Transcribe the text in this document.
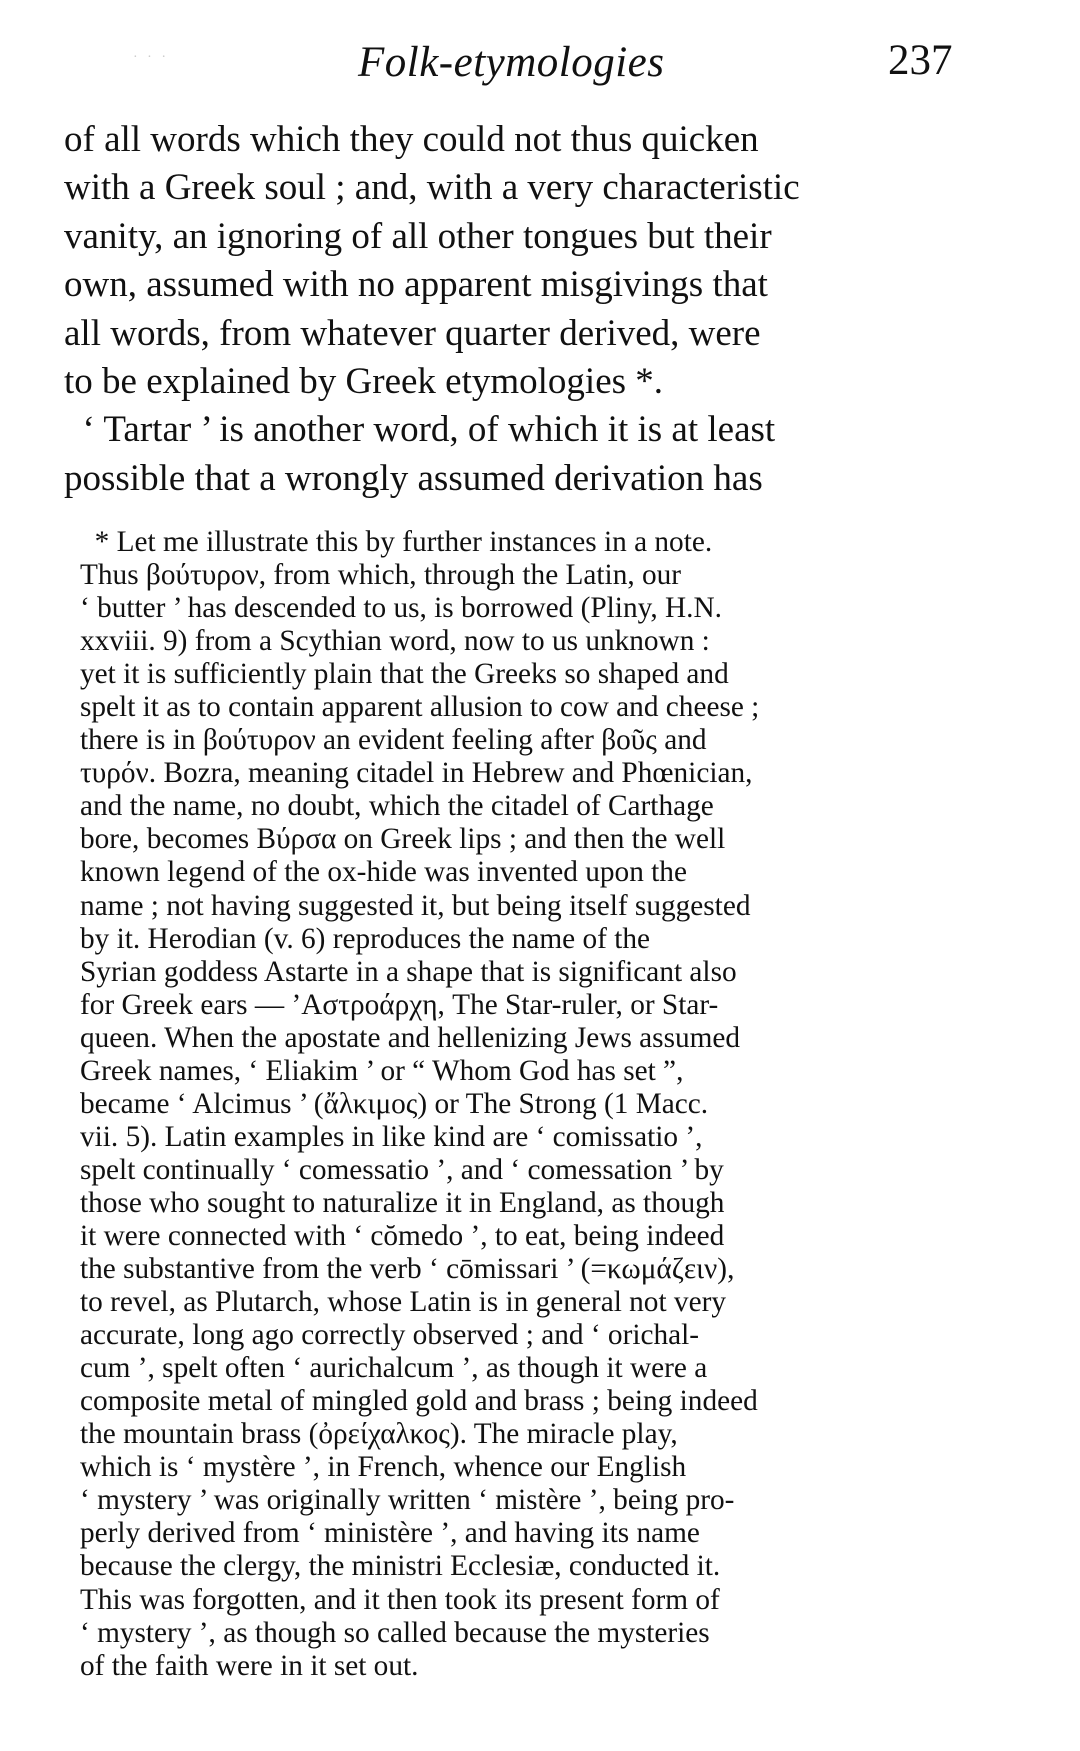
· · ·	Folk-etymologies	237
of all words which they could not thus quicken
with a Greek soul ; and, with a very characteristic
vanity, an ignoring of all other tongues but their
own, assumed with no apparent misgivings that
all words, from whatever quarter derived, were
to be explained by Greek etymologies *.
‘ Tartar ’ is another word, of which it is at least
possible that a wrongly assumed derivation has
* Let me illustrate this by further instances in a note.
Thus βούτυρον, from which, through the Latin, our
‘ butter ’ has descended to us, is borrowed (Pliny, H.N.
xxviii. 9) from a Scythian word, now to us unknown :
yet it is sufficiently plain that the Greeks so shaped and
spelt it as to contain apparent allusion to cow and cheese ;
there is in βούτυρον an evident feeling after βοῦς and
τυρόν. Bozra, meaning citadel in Hebrew and Phœnician,
and the name, no doubt, which the citadel of Carthage
bore, becomes Βύρσα on Greek lips ; and then the well
known legend of the ox-hide was invented upon the
name ; not having suggested it, but being itself suggested
by it. Herodian (v. 6) reproduces the name of the
Syrian goddess Astarte in a shape that is significant also
for Greek ears — ’Αστροάρχη, The Star-ruler, or Star-
queen. When the apostate and hellenizing Jews assumed
Greek names, ‘ Eliakim ’ or “ Whom God has set ”,
became ‘ Alcimus ’ (ἄλκιμος) or The Strong (1 Macc.
vii. 5). Latin examples in like kind are ‘ comissatio ’,
spelt continually ‘ comessatio ’, and ‘ comessation ’ by
those who sought to naturalize it in England, as though
it were connected with ‘ cŏmedo ’, to eat, being indeed
the substantive from the verb ‘ cōmissari ’ (=κωμάζειν),
to revel, as Plutarch, whose Latin is in general not very
accurate, long ago correctly observed ; and ‘ orichal-
cum ’, spelt often ‘ aurichalcum ’, as though it were a
composite metal of mingled gold and brass ; being indeed
the mountain brass (ὀρείχαλκος). The miracle play,
which is ‘ mystère ’, in French, whence our English
‘ mystery ’ was originally written ‘ mistère ’, being pro-
perly derived from ‘ ministère ’, and having its name
because the clergy, the ministri Ecclesiæ, conducted it.
This was forgotten, and it then took its present form of
‘ mystery ’, as though so called because the mysteries
of the faith were in it set out.
